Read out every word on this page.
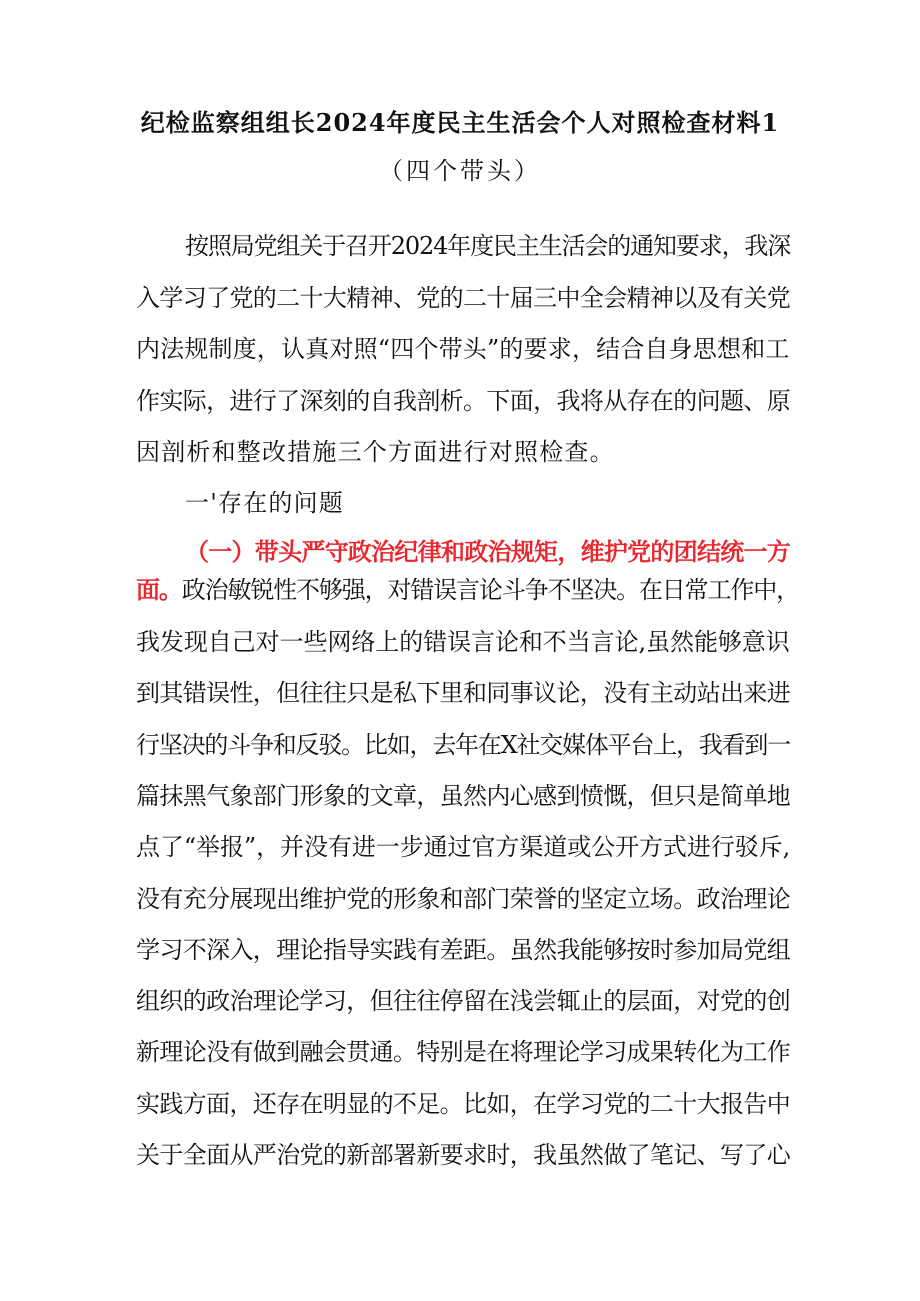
纪检监察组组长2024年度民主生活会个人对照检查材料1
（四个带头）
按照局党组关于召开2024年度民主生活会的通知要求，我深
入学习了党的二十大精神、党的二十届三中全会精神以及有关党
内法规制度，认真对照“四个带头”的要求，结合自身思想和工
作实际，进行了深刻的自我剖析。下面，我将从存在的问题、原
因剖析和整改措施三个方面进行对照检查。
一'存在的问题
（一）带头严守政治纪律和政治规矩，维护党的团结统一方
面。政治敏锐性不够强，对错误言论斗争不坚决。在日常工作中，
我发现自己对一些网络上的错误言论和不当言论,虽然能够意识
到其错误性，但往往只是私下里和同事议论，没有主动站出来进
行坚决的斗争和反驳。比如，去年在X社交媒体平台上，我看到一
篇抹黑气象部门形象的文章，虽然内心感到愤慨，但只是简单地
点了“举报”，并没有进一步通过官方渠道或公开方式进行驳斥,
没有充分展现出维护党的形象和部门荣誉的坚定立场。政治理论
学习不深入，理论指导实践有差距。虽然我能够按时参加局党组
组织的政治理论学习，但往往停留在浅尝辄止的层面，对党的创
新理论没有做到融会贯通。特别是在将理论学习成果转化为工作
实践方面，还存在明显的不足。比如，在学习党的二十大报告中
关于全面从严治党的新部署新要求时，我虽然做了笔记、写了心
